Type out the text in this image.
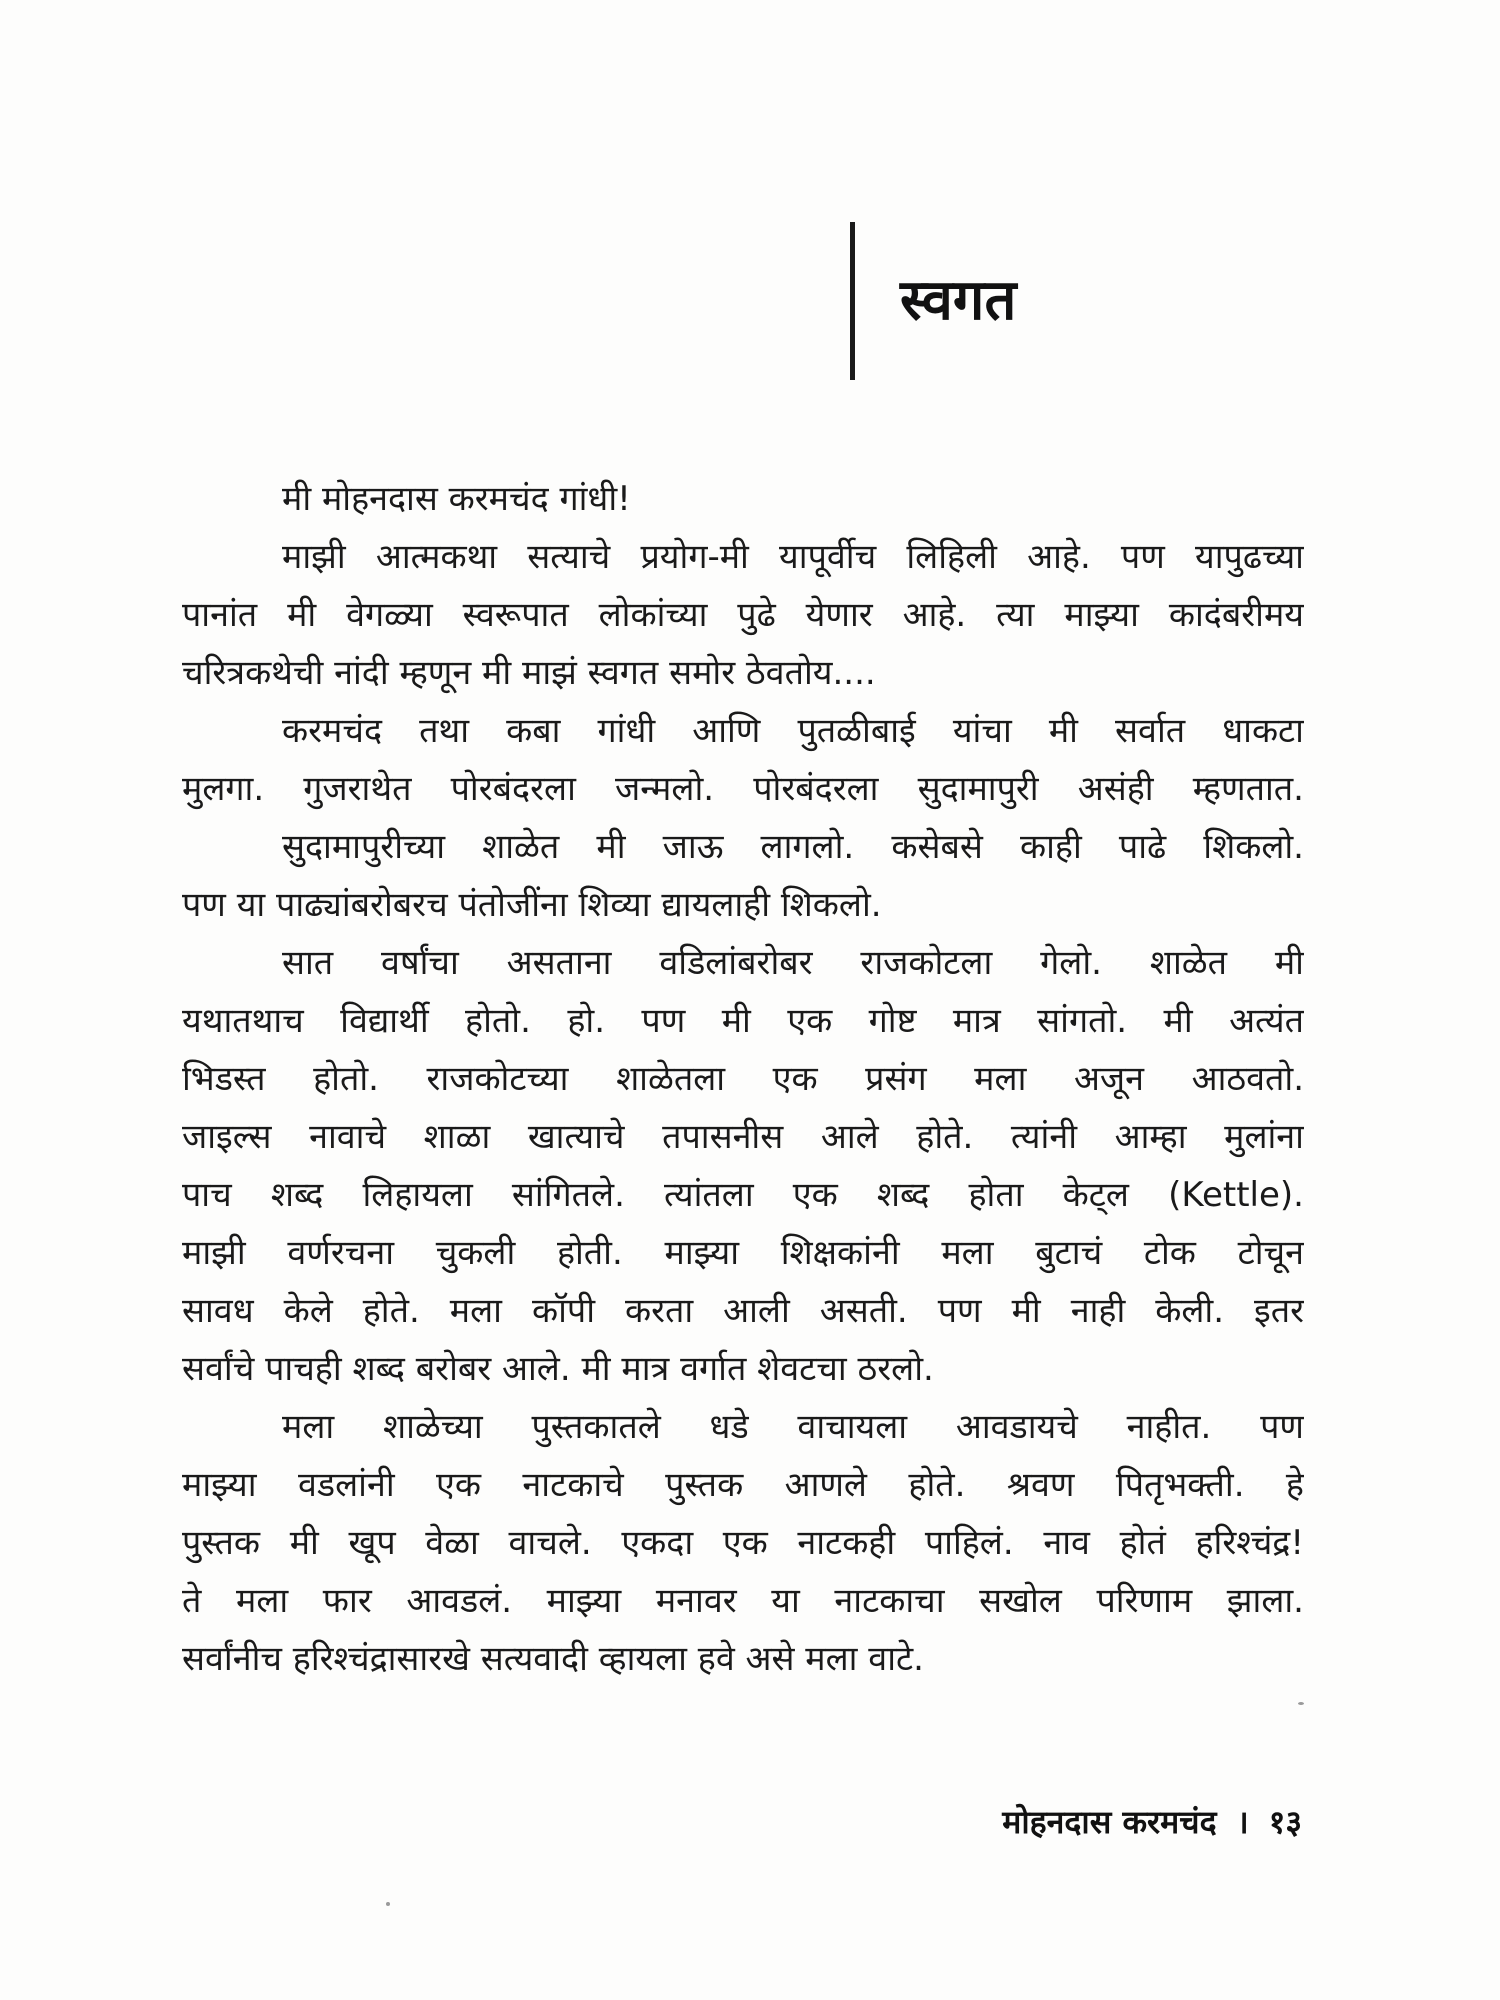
स्वगत
मी मोहनदास करमचंद गांधी!
माझी आत्मकथा सत्याचे प्रयोग-मी यापूर्वीच लिहिली आहे. पण यापुढच्या
पानांत मी वेगळ्या स्वरूपात लोकांच्या पुढे येणार आहे. त्या माझ्या कादंबरीमय
चरित्रकथेची नांदी म्हणून मी माझं स्वगत समोर ठेवतोय....
करमचंद तथा कबा गांधी आणि पुतळीबाई यांचा मी सर्वात धाकटा
मुलगा. गुजराथेत पोरबंदरला जन्मलो. पोरबंदरला सुदामापुरी असंही म्हणतात.
सुदामापुरीच्या शाळेत मी जाऊ लागलो. कसेबसे काही पाढे शिकलो.
पण या पाढ्यांबरोबरच पंतोजींना शिव्या द्यायलाही शिकलो.
सात वर्षांचा असताना वडिलांबरोबर राजकोटला गेलो. शाळेत मी
यथातथाच विद्यार्थी होतो. हो. पण मी एक गोष्ट मात्र सांगतो. मी अत्यंत
भिडस्त होतो. राजकोटच्या शाळेतला एक प्रसंग मला अजून आठवतो.
जाइल्स नावाचे शाळा खात्याचे तपासनीस आले होते. त्यांनी आम्हा मुलांना
पाच शब्द लिहायला सांगितले. त्यांतला एक शब्द होता केट्ल (Kettle).
माझी वर्णरचना चुकली होती. माझ्या शिक्षकांनी मला बुटाचं टोक टोचून
सावध केले होते. मला कॉपी करता आली असती. पण मी नाही केली. इतर
सर्वांचे पाचही शब्द बरोबर आले. मी मात्र वर्गात शेवटचा ठरलो.
मला शाळेच्या पुस्तकातले धडे वाचायला आवडायचे नाहीत. पण
माझ्या वडलांनी एक नाटकाचे पुस्तक आणले होते. श्रवण पितृभक्ती. हे
पुस्तक मी खूप वेळा वाचले. एकदा एक नाटकही पाहिलं. नाव होतं हरिश्चंद्र!
ते मला फार आवडलं. माझ्या मनावर या नाटकाचा सखोल परिणाम झाला.
सर्वांनीच हरिश्चंद्रासारखे सत्यवादी व्हायला हवे असे मला वाटे.
मोहनदास करमचंद । १३
